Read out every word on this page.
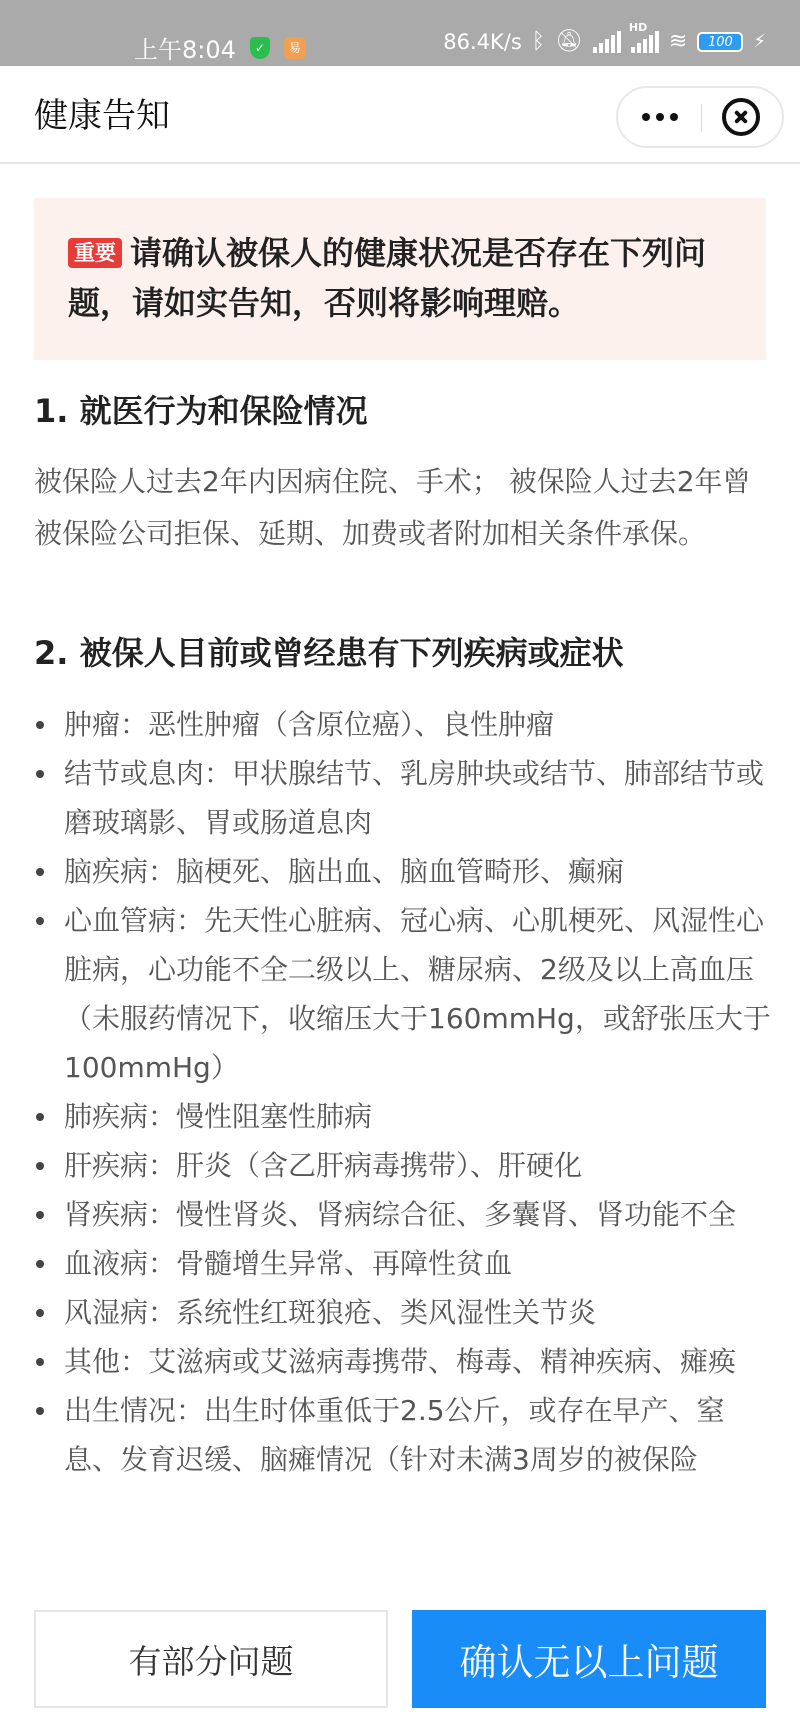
上午8:04	✓	易	86.4K/s ᛒ 🔕︎
HD
≋ 100 ⚡︎
健康告知
重要 请确认被保人的健康状况是否存在下列问题，请如实告知，否则将影响理赔。
1. 就医行为和保险情况
被保险人过去2年内因病住院、手术； 被保险人过去2年曾被保险公司拒保、延期、加费或者附加相关条件承保。
2. 被保人目前或曾经患有下列疾病或症状
肿瘤：恶性肿瘤（含原位癌）、良性肿瘤
结节或息肉：甲状腺结节、乳房肿块或结节、肺部结节或磨玻璃影、胃或肠道息肉
脑疾病：脑梗死、脑出血、脑血管畸形、癫痫
心血管病：先天性心脏病、冠心病、心肌梗死、风湿性心脏病，心功能不全二级以上、糖尿病、2级及以上高血压（未服药情况下，收缩压大于160mmHg，或舒张压大于100mmHg）
肺疾病：慢性阻塞性肺病
肝疾病：肝炎（含乙肝病毒携带）、肝硬化
肾疾病：慢性肾炎、肾病综合征、多囊肾、肾功能不全
血液病：骨髓增生异常、再障性贫血
风湿病：系统性红斑狼疮、类风湿性关节炎
其他：艾滋病或艾滋病毒携带、梅毒、精神疾病、瘫痪
出生情况：出生时体重低于2.5公斤，或存在早产、窒息、发育迟缓、脑瘫情况（针对未满3周岁的被保险
有部分问题	确认无以上问题
